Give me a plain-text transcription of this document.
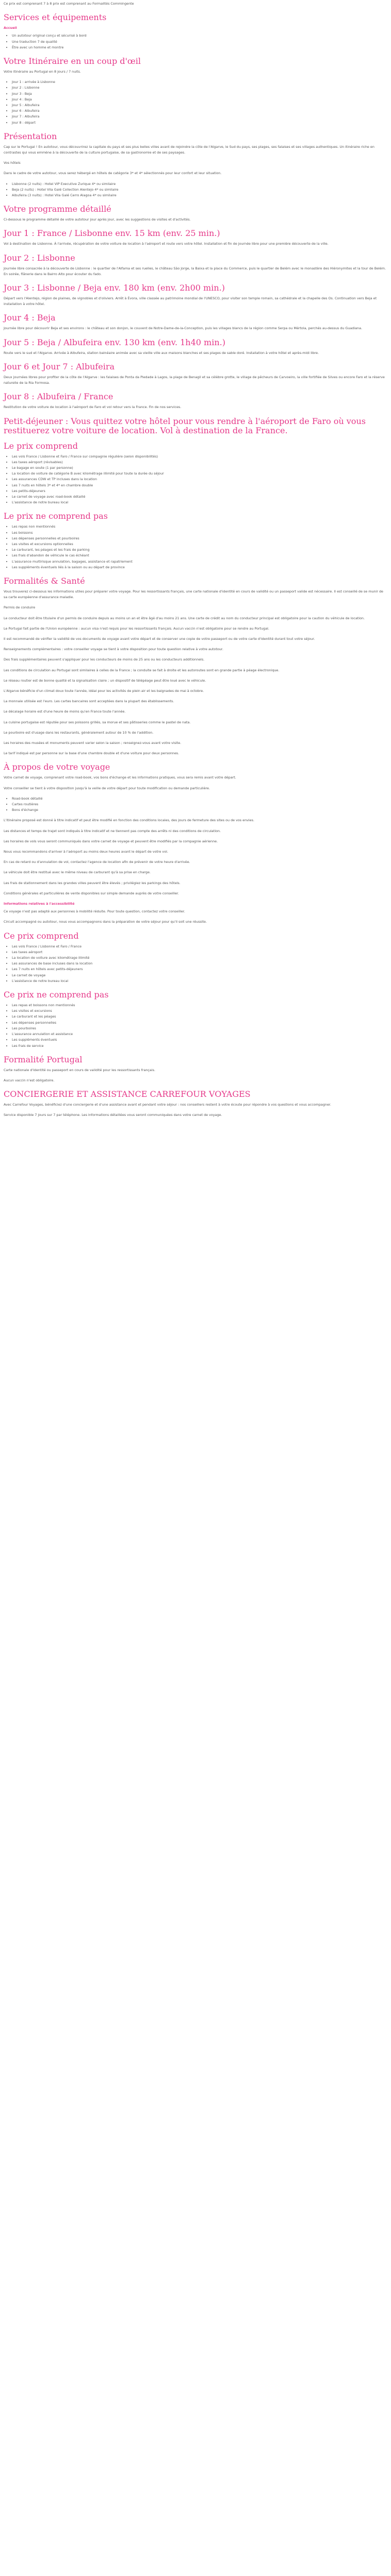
Ce prix est comprenant 7 à 8 prix est comprenant au Formalités Commingente

Services et équipements

Accueil

• Un autotour original conçu et sécurisé à bord
• Une traduction 7 de qualité
• Être avec un homme et montre
Votre Itinéraire en un coup d'œil

Votre itinéraire au Portugal en 8 jours / 7 nuits.

• Jour 1 : arrivée à Lisbonne
• Jour 2 : Lisbonne
• Jour 3 : Beja
• Jour 4 : Beja
• Jour 5 : Albufeira
• Jour 6 : Albufeira
• Jour 7 : Albufeira
• Jour 8 : départ
Présentation

Cap sur le Portugal ! En autotour, vous découvrirez la capitale du pays et ses plus belles villes avant de rejoindre la côte de l'Algarve, le Sud du pays, ses plages, ses falaises et ses villages authentiques. Un itinéraire riche en contrastes qui vous emmène à la découverte de la culture portugaise, de sa gastronomie et de ses paysages.

Vos hôtels

Dans le cadre de votre autotour, vous serez hébergé en hôtels de catégorie 3* et 4* sélectionnés pour leur confort et leur situation.

• Lisbonne (2 nuits) : Hotel VIP Executive Zurique 4* ou similaire
• Beja (2 nuits) : Hotel Vila Galé Collection Alentejo 4* ou similaire
• Albufeira (3 nuits) : Hotel Vila Galé Cerro Alagoa 4* ou similaire
Votre programme détaillé

Ci-dessous le programme détaillé de votre autotour jour après jour, avec les suggestions de visites et d'activités.

Jour 1 : France / Lisbonne env. 15 km (env. 25 min.)

Vol à destination de Lisbonne. À l'arrivée, récupération de votre voiture de location à l'aéroport et route vers votre hôtel. Installation et fin de journée libre pour une première découverte de la ville.

Jour 2 : Lisbonne

Journée libre consacrée à la découverte de Lisbonne : le quartier de l'Alfama et ses ruelles, le château São Jorge, la Baixa et la place du Commerce, puis le quartier de Belém avec le monastère des Hiéronymites et la tour de Belém. En soirée, flânerie dans le Bairro Alto pour écouter du fado.

Jour 3 : Lisbonne / Beja env. 180 km (env. 2h00 min.)

Départ vers l'Alentejo, région de plaines, de vignobles et d'oliviers. Arrêt à Évora, ville classée au patrimoine mondial de l'UNESCO, pour visiter son temple romain, sa cathédrale et la chapelle des Os. Continuation vers Beja et installation à votre hôtel.

Jour 4 : Beja

Journée libre pour découvrir Beja et ses environs : le château et son donjon, le couvent de Notre-Dame-de-la-Conception, puis les villages blancs de la région comme Serpa ou Mértola, perchés au-dessus du Guadiana.

Jour 5 : Beja / Albufeira env. 130 km (env. 1h40 min.)

Route vers le sud et l'Algarve. Arrivée à Albufeira, station balnéaire animée avec sa vieille ville aux maisons blanches et ses plages de sable doré. Installation à votre hôtel et après-midi libre.

Jour 6 et Jour 7 : Albufeira

Deux journées libres pour profiter de la côte de l'Algarve : les falaises de Ponta da Piedade à Lagos, la plage de Benagil et sa célèbre grotte, le village de pêcheurs de Carvoeiro, la ville fortifiée de Silves ou encore Faro et la réserve naturelle de la Ria Formosa.

Jour 8 : Albufeira / France

Restitution de votre voiture de location à l'aéroport de Faro et vol retour vers la France. Fin de nos services.

Petit-déjeuner : Vous quittez votre hôtel pour vous rendre à l'aéroport de Faro où vous restituerez votre voiture de location. Vol à destination de la France.
Le prix comprend
• Les vols France / Lisbonne et Faro / France sur compagnie régulière (selon disponibilités)
• Les taxes aéroport (révisables)
• Le bagage en soute (1 par personne)
• La location de voiture de catégorie B avec kilométrage illimité pour toute la durée du séjour
• Les assurances CDW et TP incluses dans la location
• Les 7 nuits en hôtels 3* et 4* en chambre double
• Les petits-déjeuners
• Le carnet de voyage avec road-book détaillé
• L'assistance de notre bureau local
Le prix ne comprend pas
• Les repas non mentionnés
• Les boissons
• Les dépenses personnelles et pourboires
• Les visites et excursions optionnelles
• Le carburant, les péages et les frais de parking
• Les frais d'abandon de véhicule le cas échéant
• L'assurance multirisque annulation, bagages, assistance et rapatriement
• Les suppléments éventuels liés à la saison ou au départ de province
Formalités & Santé

Vous trouverez ci-dessous les informations utiles pour préparer votre voyage. Pour les ressortissants français, une carte nationale d'identité en cours de validité ou un passeport valide est nécessaire. Il est conseillé de se munir de sa carte européenne d'assurance maladie.

Permis de conduire

Le conducteur doit être titulaire d'un permis de conduire depuis au moins un an et être âgé d'au moins 21 ans. Une carte de crédit au nom du conducteur principal est obligatoire pour la caution du véhicule de location.

Le Portugal fait partie de l'Union européenne : aucun visa n'est requis pour les ressortissants français. Aucun vaccin n'est obligatoire pour se rendre au Portugal.

Il est recommandé de vérifier la validité de vos documents de voyage avant votre départ et de conserver une copie de votre passeport ou de votre carte d'identité durant tout votre séjour.

Renseignements complémentaires : votre conseiller voyage se tient à votre disposition pour toute question relative à votre autotour.

Des frais supplémentaires peuvent s'appliquer pour les conducteurs de moins de 25 ans ou les conducteurs additionnels.

Les conditions de circulation au Portugal sont similaires à celles de la France ; la conduite se fait à droite et les autoroutes sont en grande partie à péage électronique.

Le réseau routier est de bonne qualité et la signalisation claire ; un dispositif de télépéage peut être loué avec le véhicule.

L'Algarve bénéficie d'un climat doux toute l'année, idéal pour les activités de plein air et les baignades de mai à octobre.

La monnaie utilisée est l'euro. Les cartes bancaires sont acceptées dans la plupart des établissements.

Le décalage horaire est d'une heure de moins qu'en France toute l'année.

La cuisine portugaise est réputée pour ses poissons grillés, sa morue et ses pâtisseries comme le pastel de nata.

Le pourboire est d'usage dans les restaurants, généralement autour de 10 % de l'addition.

Les horaires des musées et monuments peuvent varier selon la saison ; renseignez-vous avant votre visite.

Le tarif indiqué est par personne sur la base d'une chambre double et d'une voiture pour deux personnes.

À propos de votre voyage

Votre carnet de voyage, comprenant votre road-book, vos bons d'échange et les informations pratiques, vous sera remis avant votre départ.

Votre conseiller se tient à votre disposition jusqu'à la veille de votre départ pour toute modification ou demande particulière.

• Road-book détaillé
• Cartes routières
• Bons d'échange

L'itinéraire proposé est donné à titre indicatif et peut être modifié en fonction des conditions locales, des jours de fermeture des sites ou de vos envies.

Les distances et temps de trajet sont indiqués à titre indicatif et ne tiennent pas compte des arrêts ni des conditions de circulation.

Les horaires de vols vous seront communiqués dans votre carnet de voyage et peuvent être modifiés par la compagnie aérienne.

Nous vous recommandons d'arriver à l'aéroport au moins deux heures avant le départ de votre vol.

En cas de retard ou d'annulation de vol, contactez l'agence de location afin de prévenir de votre heure d'arrivée.

Le véhicule doit être restitué avec le même niveau de carburant qu'à sa prise en charge.

Les frais de stationnement dans les grandes villes peuvent être élevés ; privilégiez les parkings des hôtels.

Conditions générales et particulières de vente disponibles sur simple demande auprès de votre conseiller.

Informations relatives à l'accessibilité

Ce voyage n'est pas adapté aux personnes à mobilité réduite. Pour toute question, contactez votre conseiller.

Circuit accompagné ou autotour, nous vous accompagnons dans la préparation de votre séjour pour qu'il soit une réussite.

Ce prix comprend
• Les vols France / Lisbonne et Faro / France
• Les taxes aéroport
• La location de voiture avec kilométrage illimité
• Les assurances de base incluses dans la location
• Les 7 nuits en hôtels avec petits-déjeuners
• Le carnet de voyage
• L'assistance de notre bureau local
Ce prix ne comprend pas
• Les repas et boissons non mentionnés
• Les visites et excursions
• Le carburant et les péages
• Les dépenses personnelles
• Les pourboires
• L'assurance annulation et assistance
• Les suppléments éventuels
• Les frais de service
Formalité Portugal

Carte nationale d'identité ou passeport en cours de validité pour les ressortissants français.

Aucun vaccin n'est obligatoire.

CONCIERGERIE ET ASSISTANCE CARREFOUR VOYAGES

Avec Carrefour Voyages, bénéficiez d'une conciergerie et d'une assistance avant et pendant votre séjour : nos conseillers restent à votre écoute pour répondre à vos questions et vous accompagner.

Service disponible 7 jours sur 7 par téléphone. Les informations détaillées vous seront communiquées dans votre carnet de voyage.
